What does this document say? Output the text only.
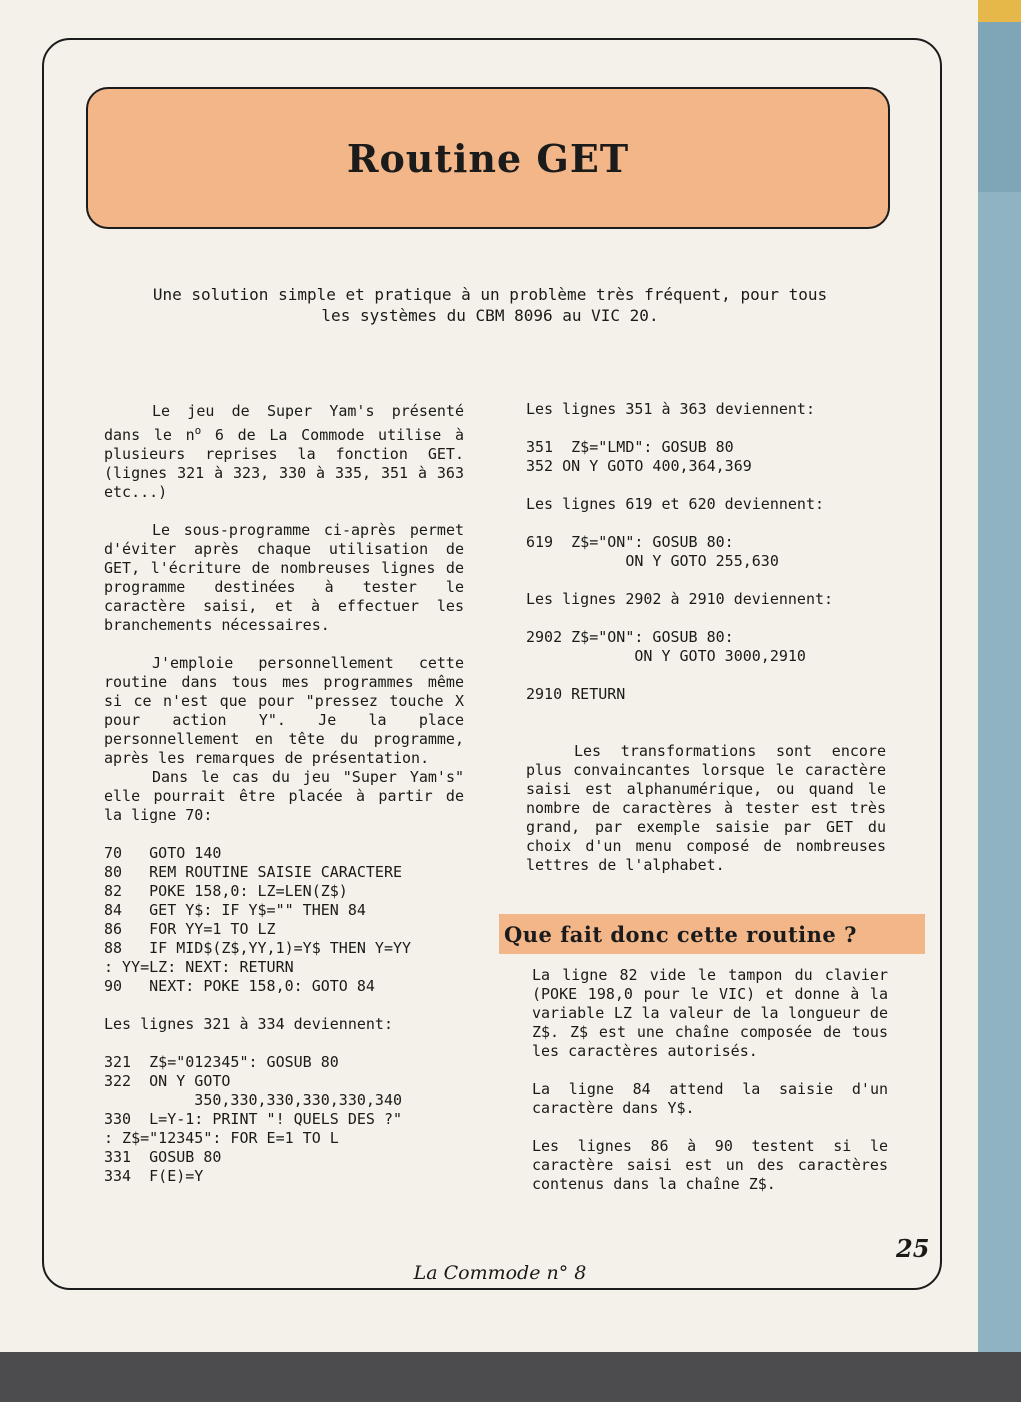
Routine GET

Une solution simple et pratique à un problème très fréquent, pour tous les systèmes du CBM 8096 au VIC 20.

Le jeu de Super Yam's présenté dans le $n^o$ 6 de La Commode utilise à plusieurs reprises la fonction GET. (lignes 321 à 323, 330 à 335, 351 à 363 etc...)

Le sous-programme ci-après permet d'éviter après chaque utilisation de GET, l'écriture de nombreuses lignes de programme destinées à tester le caractère saisi, et à effectuer les branchements nécessaires.

J'emploie personnellement cette routine dans tous mes programmes même si ce n'est que pour "pressez touche X pour action Y". Je la place personnellement en tête du programme, après les remarques de présentation.

Dans le cas du jeu "Super Yam's" elle pourrait être placée à partir de la ligne 70:

70   GOTO 140
80   REM ROUTINE SAISIE CARACTERE
82   POKE 158,0: LZ=LEN(Z$)
84   GET Y$: IF Y$="" THEN 84
86   FOR YY=1 TO LZ
88   IF MID$(Z$,YY,1)=Y$ THEN Y=YY
: YY=LZ: NEXT: RETURN
90   NEXT: POKE 158,0: GOTO 84

Les lignes 321 à 334 deviennent:

321  Z$="012345": GOSUB 80
322  ON Y GOTO
350,330,330,330,330,340
330  L=Y-1: PRINT "! QUELS DES ?"
: Z$="12345": FOR E=1 TO L
331  GOSUB 80
334  F(E)=Y

Les lignes 351 à 363 deviennent:

351  Z$="LMD": GOSUB 80
352 ON Y GOTO 400,364,369

Les lignes 619 et 620 deviennent:

619  Z$="ON": GOSUB 80:
ON Y GOTO 255,630

Les lignes 2902 à 2910 deviennent:

2902 Z$="ON": GOSUB 80:
ON Y GOTO 3000,2910
2910 RETURN

Les transformations sont encore plus convaincantes lorsque le caractère saisi est alphanumérique, ou quand le nombre de caractères à tester est très grand, par exemple saisie par GET du choix d'un menu composé de nombreuses lettres de l'alphabet.

Que fait donc cette routine ?

La ligne 82 vide le tampon du clavier (POKE 198,0 pour le VIC) et donne à la variable LZ la valeur de la longueur de Z$. Z$ est une chaîne composée de tous les caractères autorisés.

La ligne 84 attend la saisie d'un caractère dans Y$.

Les lignes 86 à 90 testent si le caractère saisi est un des caractères contenus dans la chaîne Z$.

25
La Commode n° 8
